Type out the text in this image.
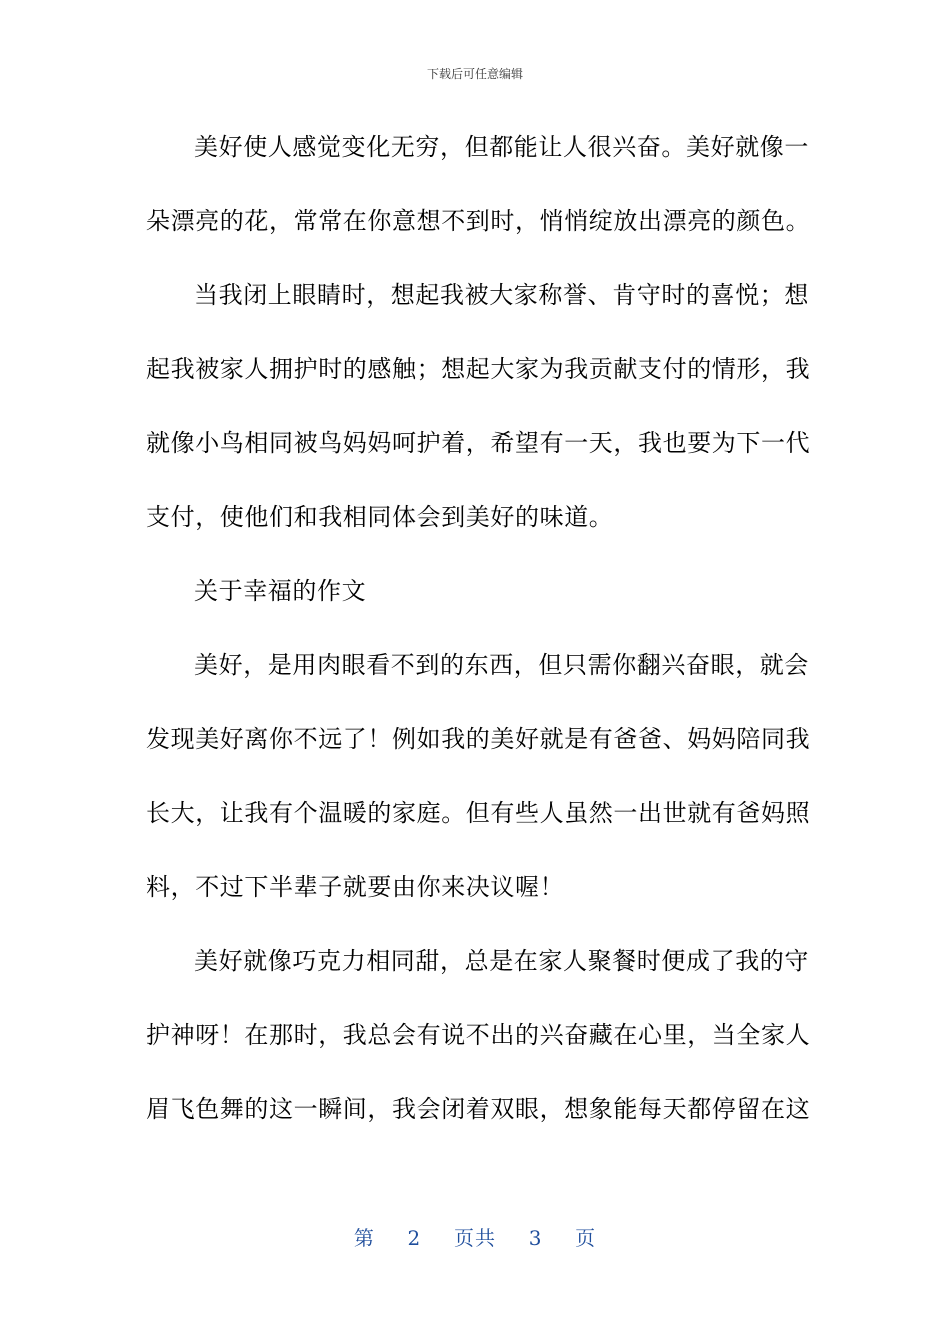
下载后可任意编辑

美好使人感觉变化无穷，但都能让人很兴奋。美好就像一
朵漂亮的花，常常在你意想不到时，悄悄绽放出漂亮的颜色。

当我闭上眼睛时，想起我被大家称誉、肯守时的喜悦；想
起我被家人拥护时的感触；想起大家为我贡献支付的情形，我
就像小鸟相同被鸟妈妈呵护着，希望有一天，我也要为下一代
支付，使他们和我相同体会到美好的味道。

关于幸福的作文

美好，是用肉眼看不到的东西，但只需你翻兴奋眼，就会
发现美好离你不远了！例如我的美好就是有爸爸、妈妈陪同我
长大，让我有个温暖的家庭。但有些人虽然一出世就有爸妈照
料，不过下半辈子就要由你来决议喔！

美好就像巧克力相同甜，总是在家人聚餐时便成了我的守
护神呀！在那时，我总会有说不出的兴奋藏在心里，当全家人
眉飞色舞的这一瞬间，我会闭着双眼，想象能每天都停留在这

第 2 页共 3 页
